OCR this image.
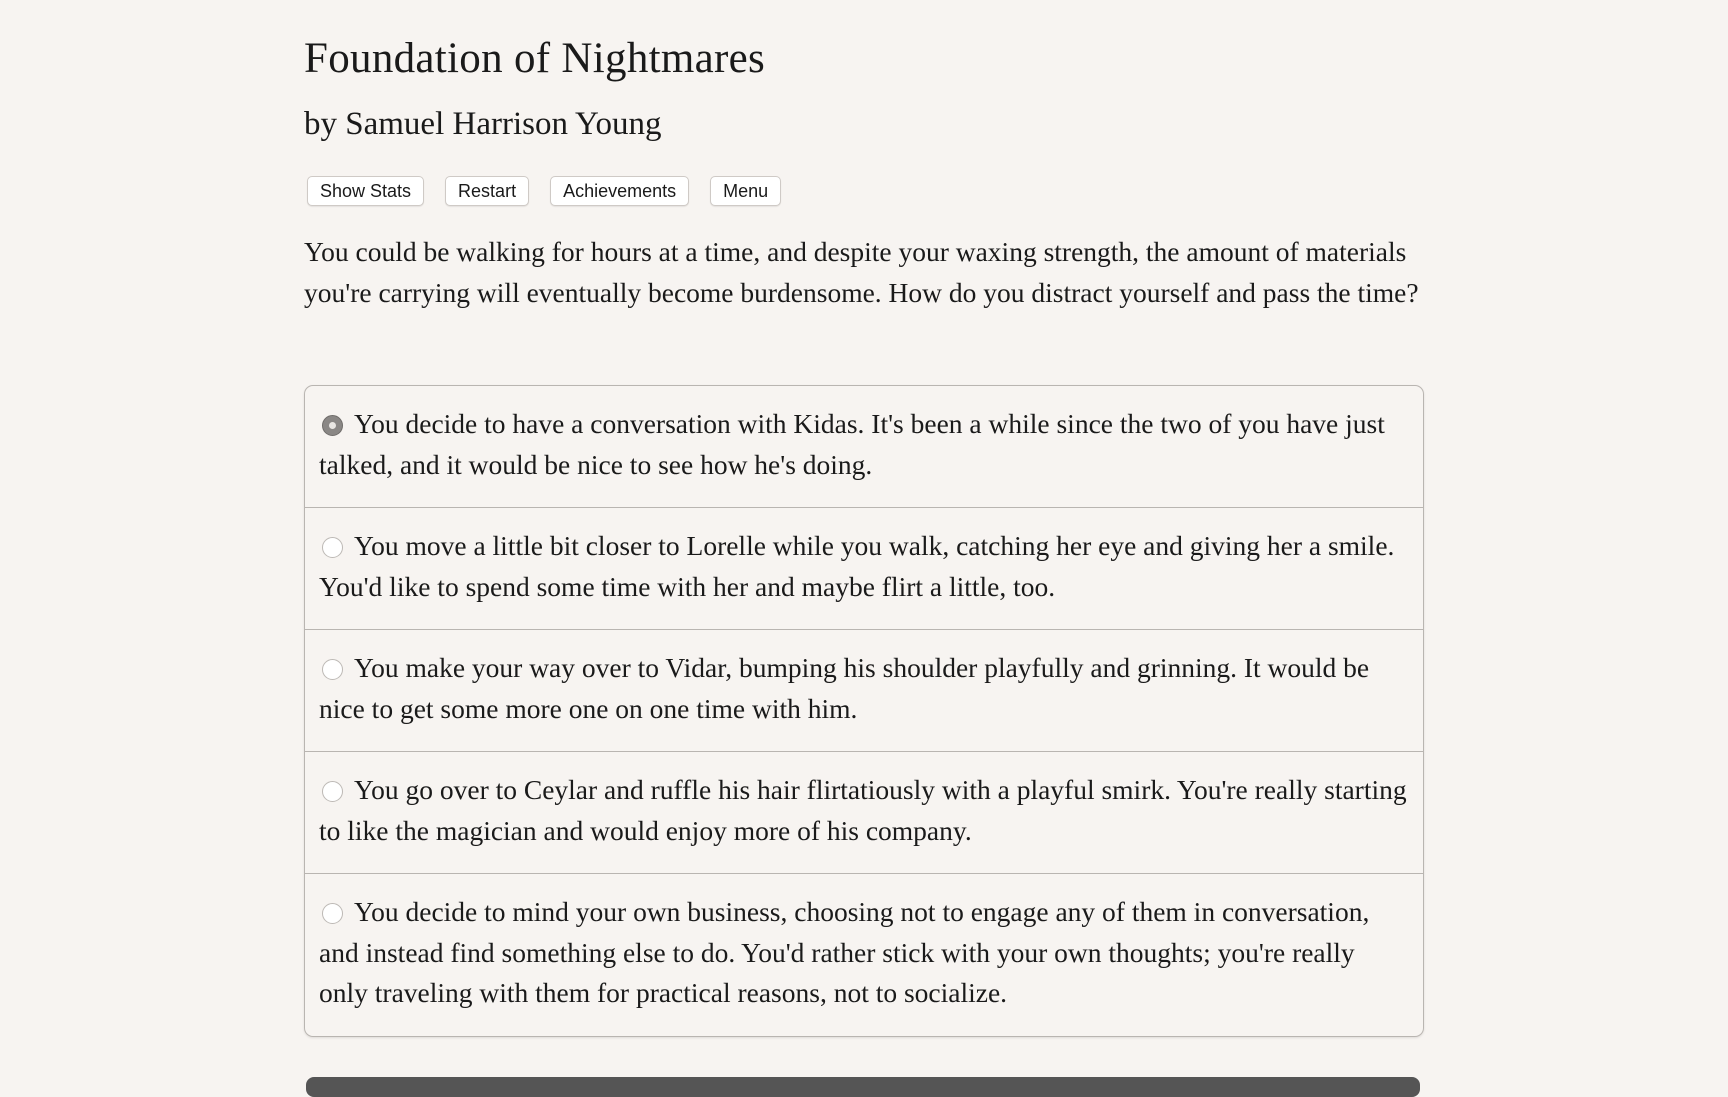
Foundation of Nightmares
by Samuel Harrison Young
Show Stats	Restart	Achievements	Menu
You could be walking for hours at a time, and despite your waxing strength, the amount of materials you're carrying will eventually become burdensome. How do you distract yourself and pass the time?
You decide to have a conversation with Kidas. It's been a while since the two of you have just talked, and it would be nice to see how he's doing.
You move a little bit closer to Lorelle while you walk, catching her eye and giving her a smile. You'd like to spend some time with her and maybe flirt a little, too.
You make your way over to Vidar, bumping his shoulder playfully and grinning. It would be nice to get some more one on one time with him.
You go over to Ceylar and ruffle his hair flirtatiously with a playful smirk. You're really starting to like the magician and would enjoy more of his company.
You decide to mind your own business, choosing not to engage any of them in conversation, and instead find something else to do. You'd rather stick with your own thoughts; you're really only traveling with them for practical reasons, not to socialize.
